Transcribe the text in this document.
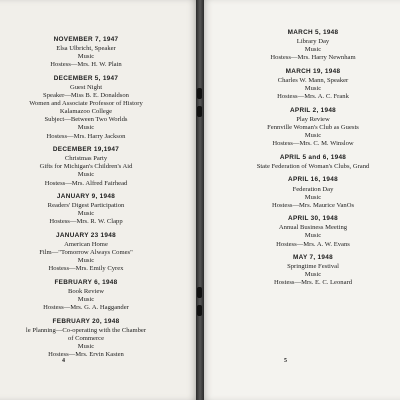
NOVEMBER 7, 1947
Elsa Ulbricht, Speaker
Music
Hostess—Mrs. H. W. Plain
DECEMBER 5, 1947
Guest Night
Speaker—Miss B. E. Donaldson
Women and Associate Professor of History
Kalamazoo College
Subject—Between Two Worlds
Music
Hostess—Mrs. Harry Jackson
DECEMBER 19,1947
Christmas Party
Gifts for Michigan's Children's Aid
Music
Hostess—Mrs. Alfred Fairhead
JANUARY 9, 1948
Readers' Digest Participation
Music
Hostess—Mrs. R. W. Clapp
JANUARY 23 1948
American Home
Film—"Tomorrow Always Comes"
Music
Hostess—Mrs. Emily Cyrex
FEBRUARY 6, 1948
Book Review
Music
Hostess—Mrs. G. A. Haggander
FEBRUARY 20, 1948
le Planning—Co-operating with the Chamber
of Commerce
Music
Hostess—Mrs. Ervin Kasten
4
MARCH 5, 1948
Library Day
Music
Hostess—Mrs. Harry Newnham
MARCH 19, 1948
Charles W. Mann, Speaker
Music
Hostess—Mrs. A. C. Frank
APRIL 2, 1948
Play Review
Fennville Woman's Club as Guests
Music
Hostess—Mrs. C. M. Winslow
APRIL 5 and 6, 1948
State Federation of Woman's Clubs, Grand
APRIL 16, 1948
Federation Day
Music
Hostess—Mrs. Maurice VanOs
APRIL 30, 1948
Annual Business Meeting
Music
Hostess—Mrs. A. W. Evans
MAY 7, 1948
Springtime Festival
Music
Hostess—Mrs. E. C. Leonard
5
